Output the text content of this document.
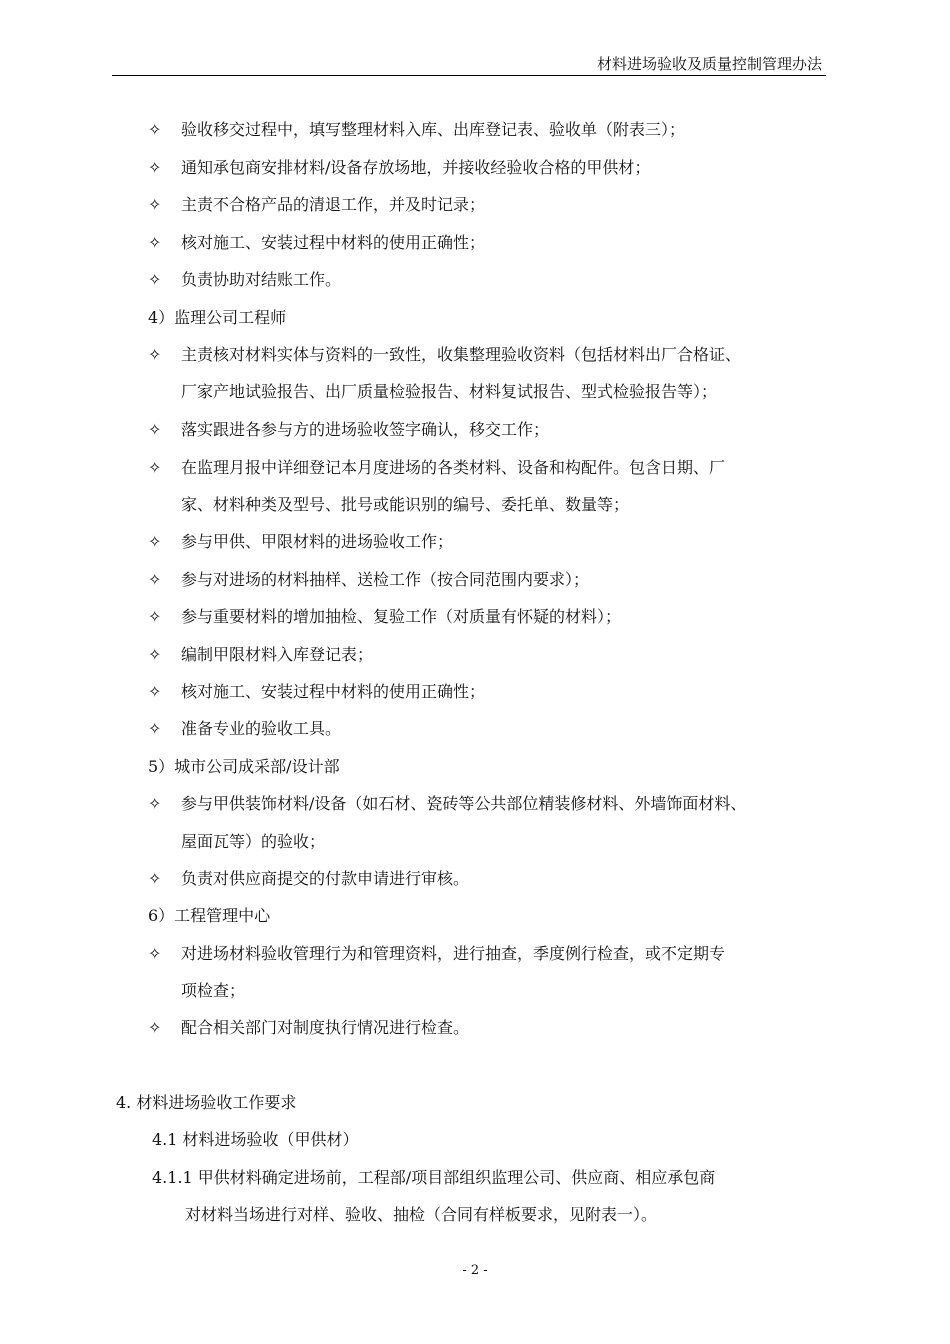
材料进场验收及质量控制管理办法
✧ 验收移交过程中，填写整理材料入库、出库登记表、验收单（附表三）；
✧ 通知承包商安排材料/设备存放场地，并接收经验收合格的甲供材；
✧ 主责不合格产品的清退工作，并及时记录；
✧ 核对施工、安装过程中材料的使用正确性；
✧ 负责协助对结账工作。
4）监理公司工程师
✧ 主责核对材料实体与资料的一致性，收集整理验收资料（包括材料出厂合格证、
厂家产地试验报告、出厂质量检验报告、材料复试报告、型式检验报告等）；
✧ 落实跟进各参与方的进场验收签字确认，移交工作；
✧ 在监理月报中详细登记本月度进场的各类材料、设备和构配件。包含日期、厂
家、材料种类及型号、批号或能识别的编号、委托单、数量等；
✧ 参与甲供、甲限材料的进场验收工作；
✧ 参与对进场的材料抽样、送检工作（按合同范围内要求）；
✧ 参与重要材料的增加抽检、复验工作（对质量有怀疑的材料）；
✧ 编制甲限材料入库登记表；
✧ 核对施工、安装过程中材料的使用正确性；
✧ 准备专业的验收工具。
5）城市公司成采部/设计部
✧ 参与甲供装饰材料/设备（如石材、瓷砖等公共部位精装修材料、外墙饰面材料、
屋面瓦等）的验收；
✧ 负责对供应商提交的付款申请进行审核。
6）工程管理中心
✧ 对进场材料验收管理行为和管理资料，进行抽查，季度例行检查，或不定期专
项检查；
✧ 配合相关部门对制度执行情况进行检查。
4. 材料进场验收工作要求
4.1 材料进场验收（甲供材）
4.1.1 甲供材料确定进场前，工程部/项目部组织监理公司、供应商、相应承包商
对材料当场进行对样、验收、抽检（合同有样板要求，见附表一）。
- 2 -
